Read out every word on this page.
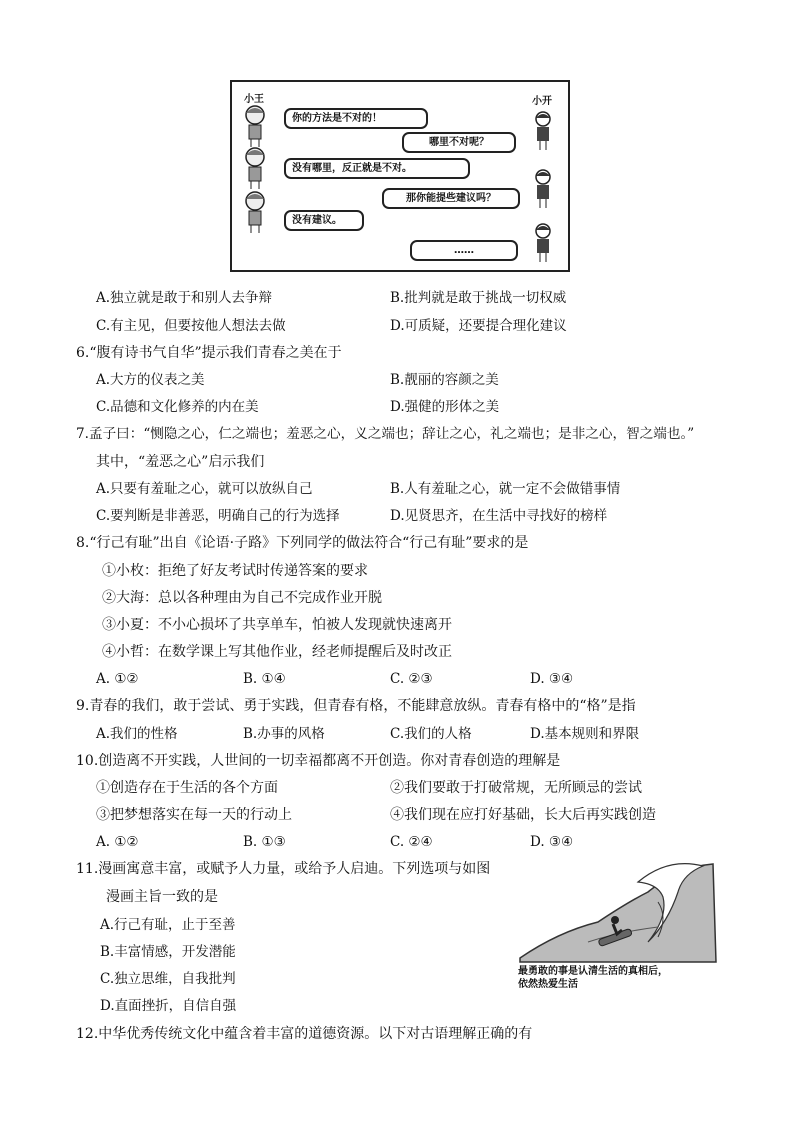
小王	小开
你的方法是不对的！
哪里不对呢？
没有哪里，反正就是不对。
那你能提些建议吗？
没有建议。
……
A.独立就是敢于和别人去争辩	B.批判就是敢于挑战一切权威
C.有主见，但要按他人想法去做	D.可质疑，还要提合理化建议
6.“腹有诗书气自华”提示我们青春之美在于
A.大方的仪表之美	B.靓丽的容颜之美
C.品德和文化修养的内在美	D.强健的形体之美
7.孟子曰：“恻隐之心，仁之端也；羞恶之心，义之端也；辞让之心，礼之端也；是非之心，智之端也。”
其中，“羞恶之心”启示我们
A.只要有羞耻之心，就可以放纵自己	B.人有羞耻之心，就一定不会做错事情
C.要判断是非善恶，明确自己的行为选择	D.见贤思齐，在生活中寻找好的榜样
8.“行己有耻”出自《论语·子路》下列同学的做法符合“行己有耻”要求的是
①小枚：拒绝了好友考试时传递答案的要求
②大海：总以各种理由为自己不完成作业开脱
③小夏：不小心损坏了共享单车，怕被人发现就快速离开
④小哲：在数学课上写其他作业，经老师提醒后及时改正
A. ①②	B. ①④	C. ②③	D. ③④
9.青春的我们，敢于尝试、勇于实践，但青春有格，不能肆意放纵。青春有格中的“格”是指
A.我们的性格	B.办事的风格	C.我们的人格	D.基本规则和界限
10.创造离不开实践，人世间的一切幸福都离不开创造。你对青春创造的理解是
①创造存在于生活的各个方面	②我们要敢于打破常规，无所顾忌的尝试
③把梦想落实在每一天的行动上	④我们现在应打好基础，长大后再实践创造
A. ①②	B. ①③	C. ②④	D. ③④
11.漫画寓意丰富，或赋予人力量，或给予人启迪。下列选项与如图
漫画主旨一致的是
A.行己有耻，止于至善
B.丰富情感，开发潜能
C.独立思维，自我批判
D.直面挫折，自信自强
最勇敢的事是认清生活的真相后，
依然热爱生活
12.中华优秀传统文化中蕴含着丰富的道德资源。以下对古语理解正确的有
